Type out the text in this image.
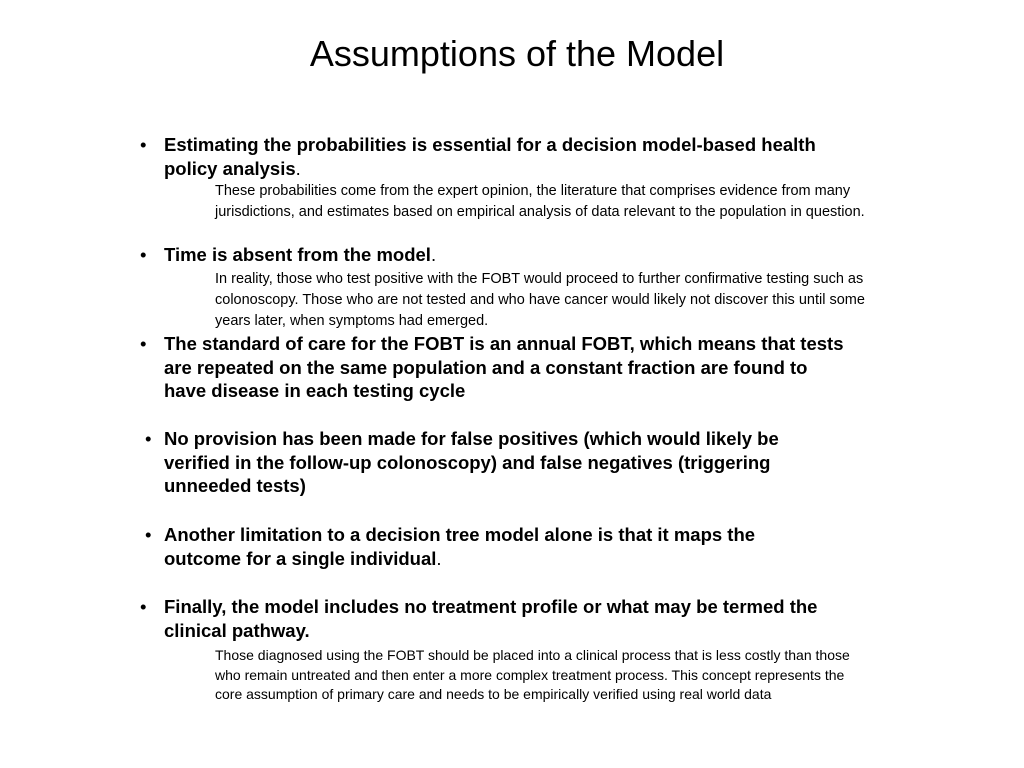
Assumptions of the Model
• Estimating the probabilities is essential for a decision model-based health policy analysis.
These probabilities come from the expert opinion, the literature that comprises evidence from many jurisdictions, and estimates based on empirical analysis of data relevant to the population in question.
• Time is absent from the model.
In reality, those who test positive with the FOBT would proceed to further confirmative testing such as colonoscopy. Those who are not tested and who have cancer would likely not discover this until some years later, when symptoms had emerged.
• The standard of care for the FOBT is an annual FOBT, which means that tests are repeated on the same population and a constant fraction are found to have disease in each testing cycle
• No provision has been made for false positives (which would likely be verified in the follow-up colonoscopy) and false negatives (triggering unneeded tests)
• Another limitation to a decision tree model alone is that it maps the outcome for a single individual.
• Finally, the model includes no treatment profile or what may be termed the clinical pathway.
Those diagnosed using the FOBT should be placed into a clinical process that is less costly than those who remain untreated and then enter a more complex treatment process. This concept represents the core assumption of primary care and needs to be empirically verified using real world data
